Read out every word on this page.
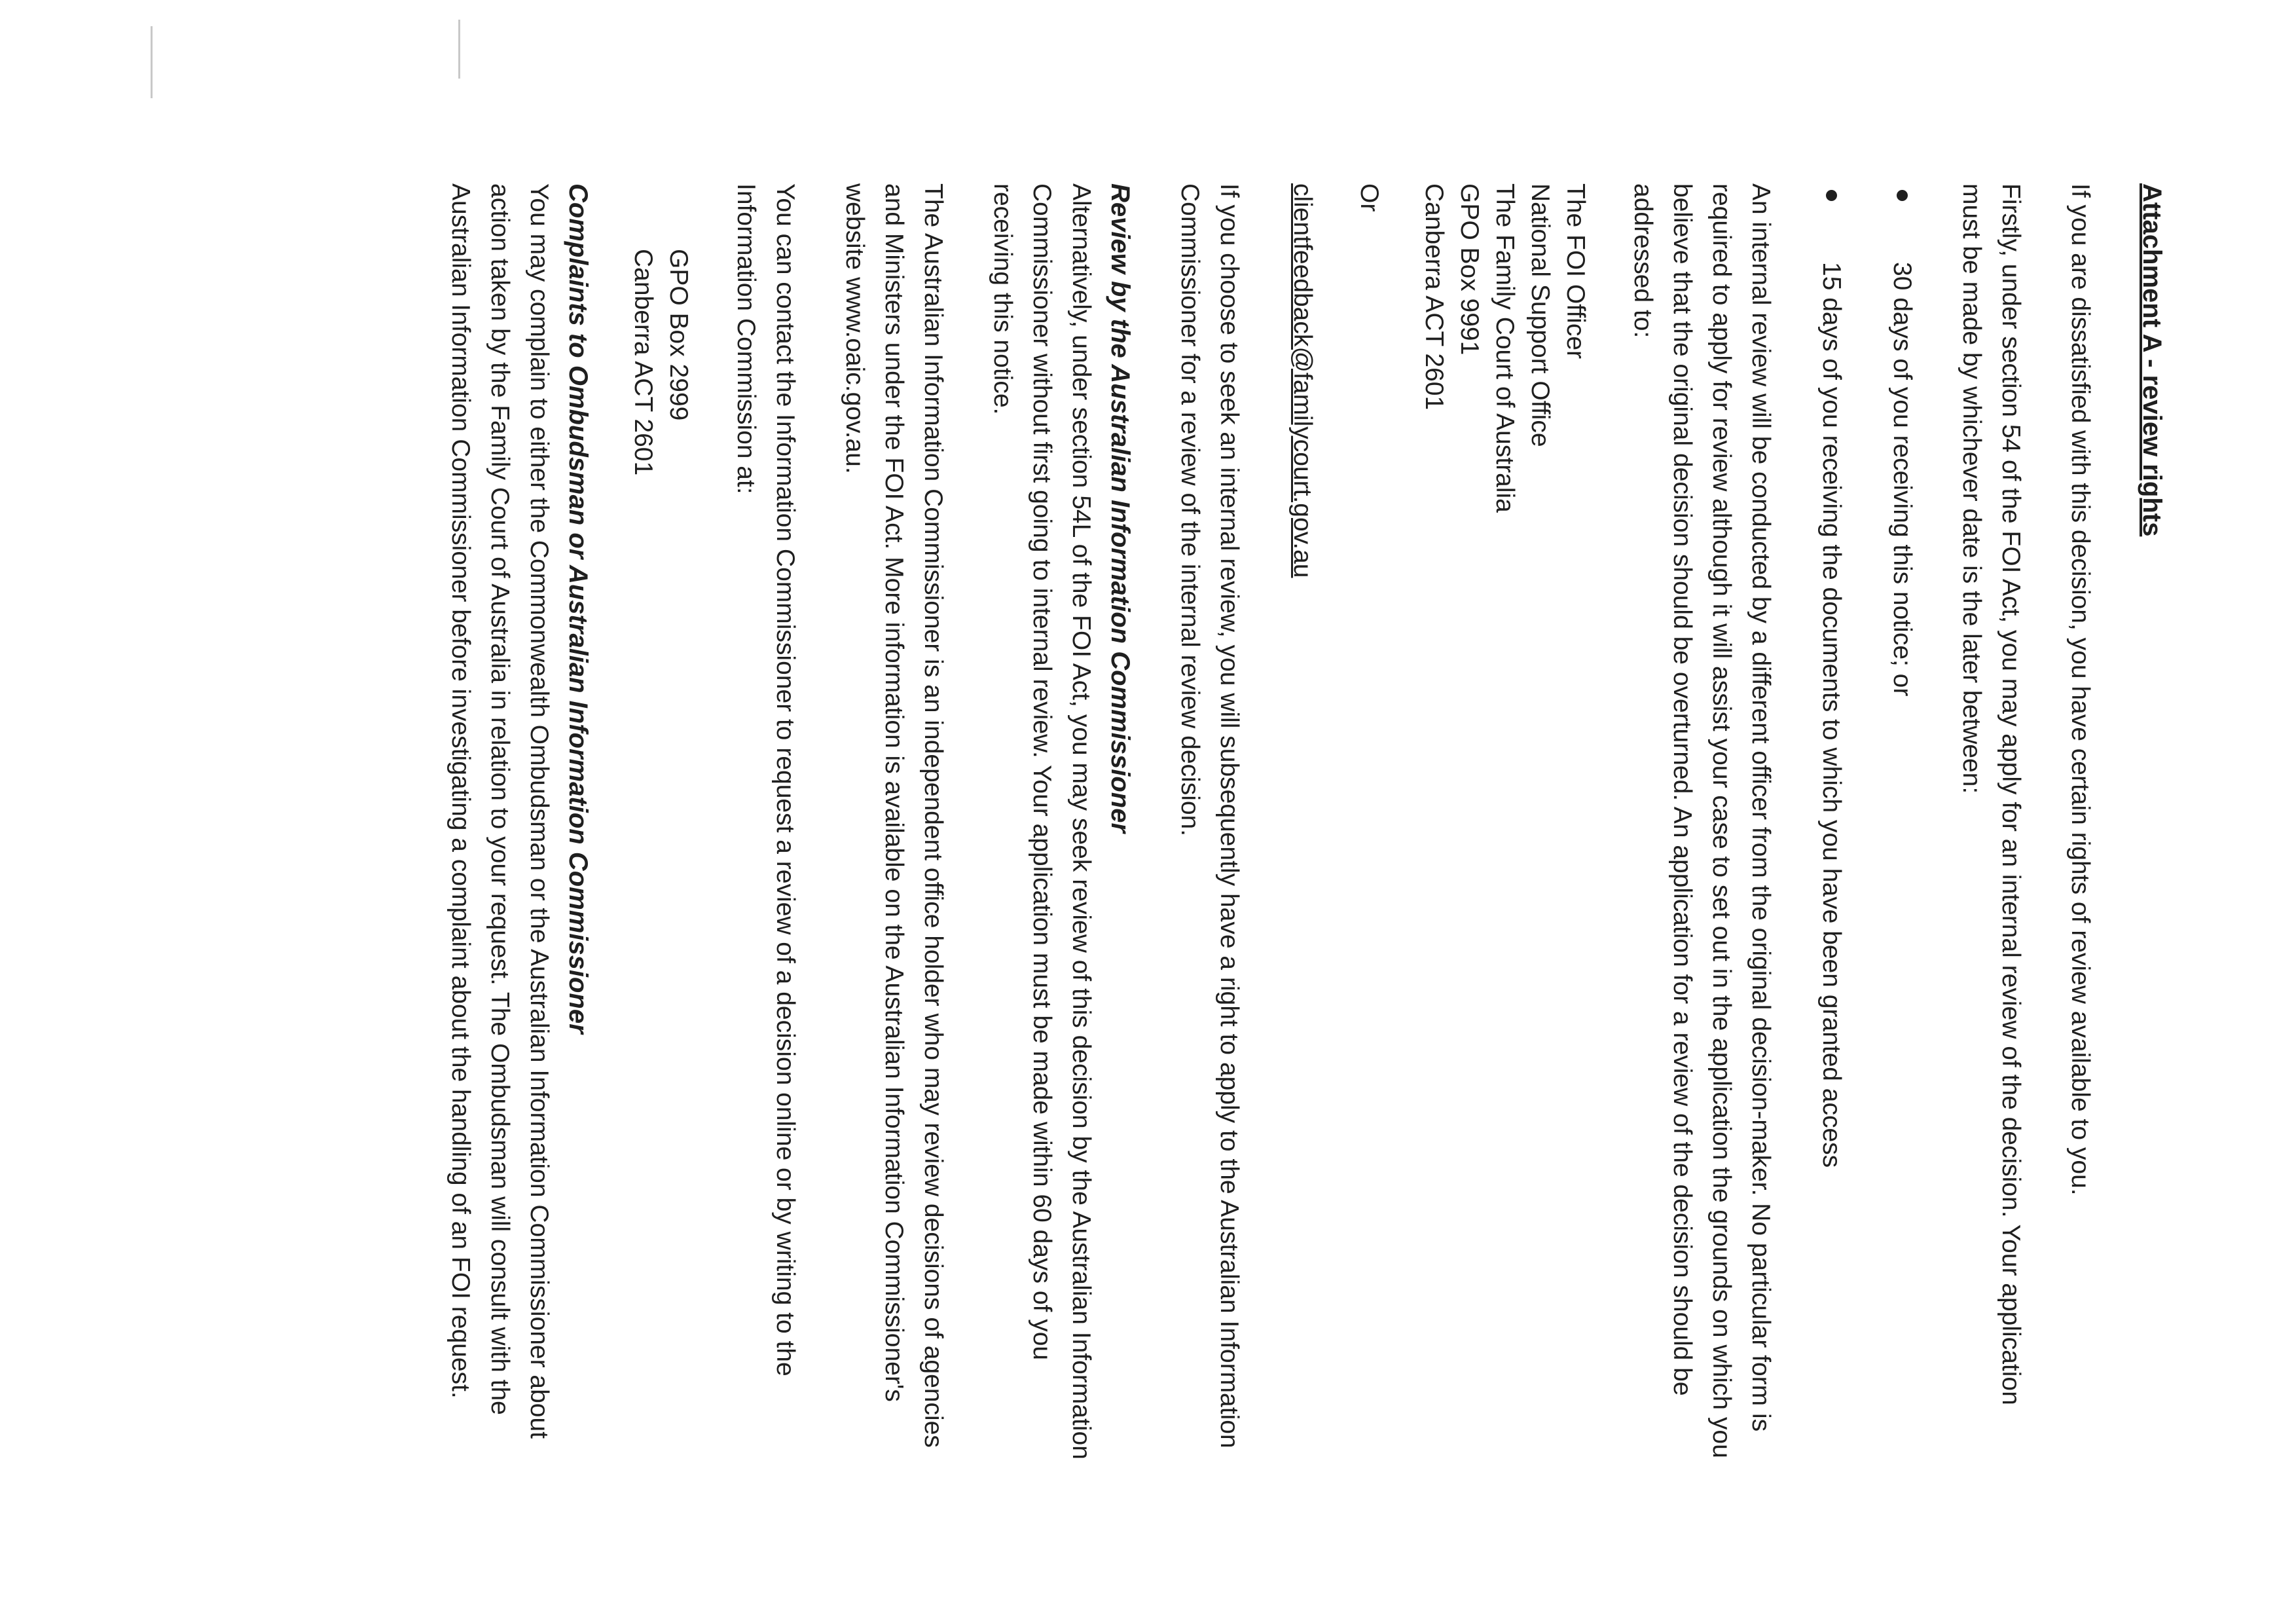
Attachment A - review rights

If you are dissatisfied with this decision, you have certain rights of review available to you.

Firstly, under section 54 of the FOI Act, you may apply for an internal review of the decision. Your application must be made by whichever date is the later between:

30 days of you receiving this notice; or
15 days of you receiving the documents to which you have been granted access

An internal review will be conducted by a different officer from the original decision-maker. No particular form is required to apply for review although it will assist your case to set out in the application the grounds on which you believe that the original decision should be overturned. An application for a review of the decision should be addressed to:

The FOI Officer
National Support Office
The Family Court of Australia
GPO Box 9991
Canberra ACT 2601
Or
clientfeedback@familycourt.gov.au

If you choose to seek an internal review, you will subsequently have a right to apply to the Australian Information Commissioner for a review of the internal review decision.

Review by the Australian Information Commissioner

Alternatively, under section 54L of the FOI Act, you may seek review of this decision by the Australian Information Commissioner without first going to internal review. Your application must be made within 60 days of you receiving this notice.

The Australian Information Commissioner is an independent office holder who may review decisions of agencies and Ministers under the FOI Act. More information is available on the Australian Information Commissioner's website www.oaic.gov.au.

You can contact the Information Commissioner to request a review of a decision online or by writing to the Information Commission at:

GPO Box 2999
Canberra ACT 2601
Complaints to Ombudsman or Australian Information Commissioner

You may complain to either the Commonwealth Ombudsman or the Australian Information Commissioner about action taken by the Family Court of Australia in relation to your request. The Ombudsman will consult with the Australian Information Commissioner before investigating a complaint about the handling of an FOI request.
